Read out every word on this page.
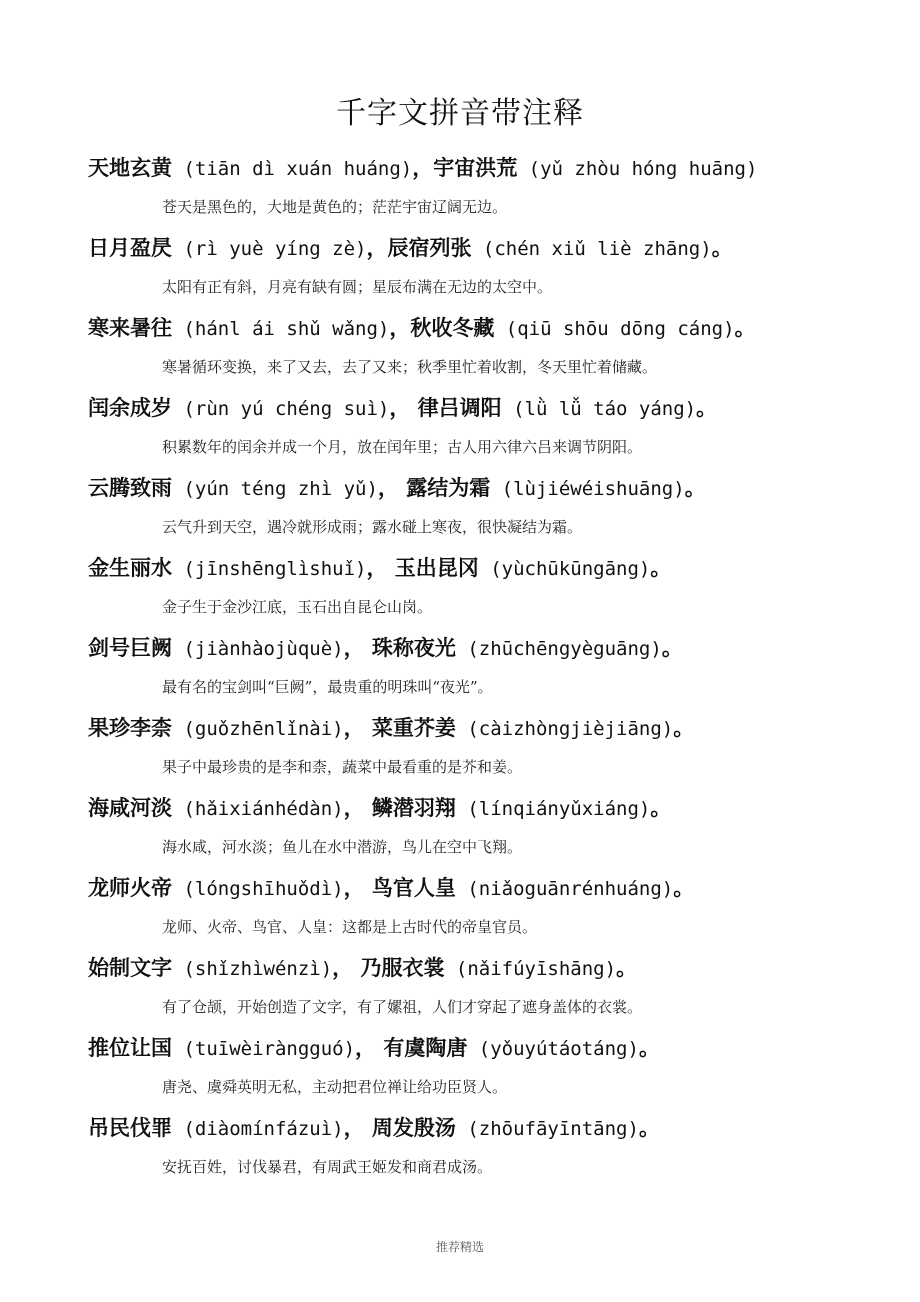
千字文拼音带注释
天地玄黄 (tiān dì xuán huáng)，宇宙洪荒 (yǔ zhòu hóng huāng)
苍天是黑色的，大地是黄色的；茫茫宇宙辽阔无边。
日月盈昃 (rì yuè yíng zè)，辰宿列张 (chén xiǔ liè zhāng)。
太阳有正有斜，月亮有缺有圆；星辰布满在无边的太空中。
寒来暑往 (hánl ái shǔ wǎng)，秋收冬藏 (qiū shōu dōng cáng)。
寒暑循环变换，来了又去，去了又来；秋季里忙着收割，冬天里忙着储藏。
闰余成岁 (rùn yú chéng suì)， 律吕调阳 (lǜ lǚ táo yáng)。
积累数年的闰余并成一个月，放在闰年里；古人用六律六吕来调节阴阳。
云腾致雨 (yún téng zhì yǔ)， 露结为霜 (lùjiéwéishuāng)。
云气升到天空，遇冷就形成雨；露水碰上寒夜，很快凝结为霜。
金生丽水 (jīnshēnglìshuǐ)， 玉出昆冈 (yùchūkūngāng)。
金子生于金沙江底，玉石出自昆仑山岗。
剑号巨阙 (jiànhàojùquè)， 珠称夜光 (zhūchēngyèguāng)。
最有名的宝剑叫“巨阙”，最贵重的明珠叫“夜光”。
果珍李柰 (guǒzhēnlǐnài)， 菜重芥姜 (càizhòngjièjiāng)。
果子中最珍贵的是李和柰，蔬菜中最看重的是芥和姜。
海咸河淡 (hǎixiánhédàn)， 鳞潜羽翔 (línqiányǔxiáng)。
海水咸，河水淡；鱼儿在水中潜游，鸟儿在空中飞翔。
龙师火帝 (lóngshīhuǒdì)， 鸟官人皇 (niǎoguānrénhuáng)。
龙师、火帝、鸟官、人皇：这都是上古时代的帝皇官员。
始制文字 (shǐzhìwénzì)， 乃服衣裳 (nǎifúyīshāng)。
有了仓颉，开始创造了文字，有了嫘祖，人们才穿起了遮身盖体的衣裳。
推位让国 (tuīwèiràngguó)， 有虞陶唐 (yǒuyútáotáng)。
唐尧、虞舜英明无私，主动把君位禅让给功臣贤人。
吊民伐罪 (diàomínfázuì)， 周发殷汤 (zhōufāyīntāng)。
安抚百姓，讨伐暴君，有周武王姬发和商君成汤。
推荐精选
